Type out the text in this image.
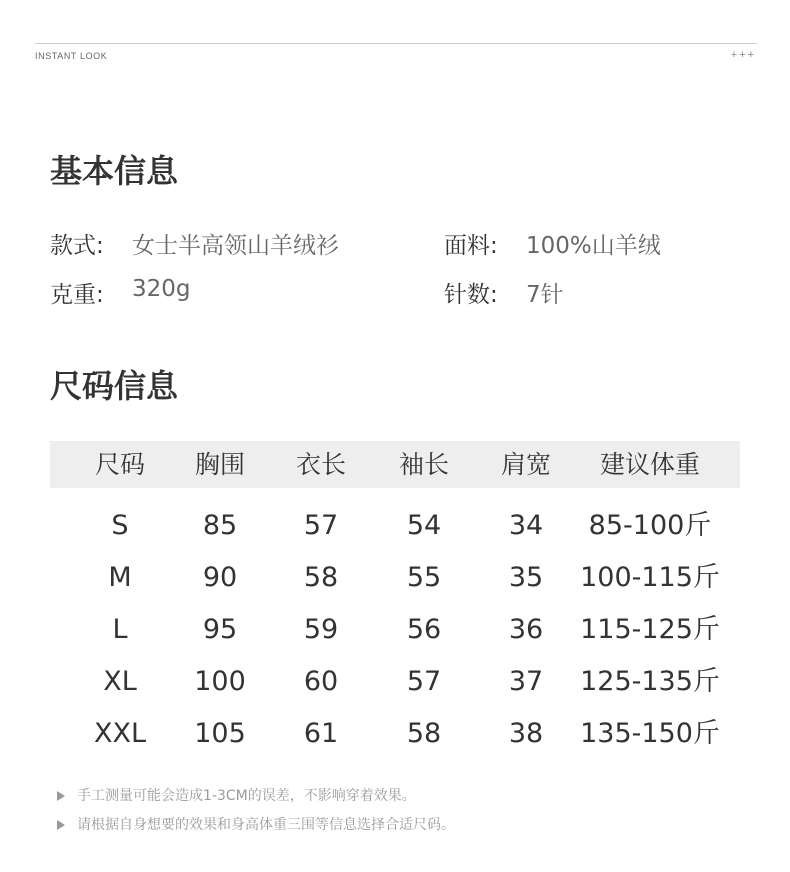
INSTANT LOOK	+++
基本信息
款式: 女士半高领山羊绒衫	面料: 100%山羊绒
克重: 320g	针数: 7针
尺码信息
尺码 胸围 衣长 袖长 肩宽 建议体重
S	85 57	54	34 85-100斤
M	90 58	55	35 100-115斤
L	95 59	56	36 115-125斤
XL 100 60	57	37 125-135斤
XXL 105 61	58	38 135-150斤
手工测量可能会造成1-3CM的误差，不影响穿着效果。
请根据自身想要的效果和身高体重三围等信息选择合适尺码。
